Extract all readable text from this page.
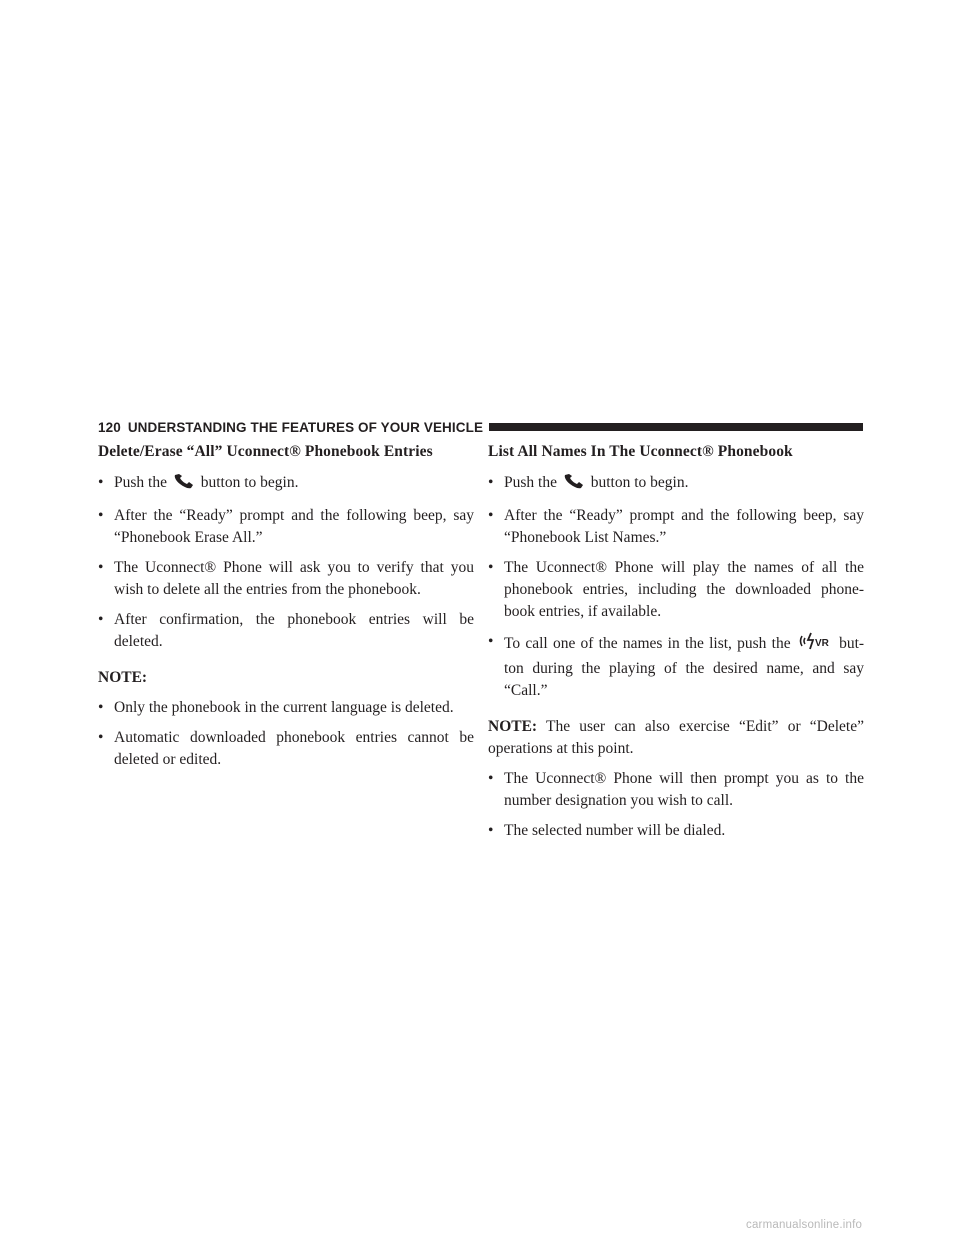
120 UNDERSTANDING THE FEATURES OF YOUR VEHICLE
Delete/Erase “All” Uconnect® Phonebook Entries
• Push the button to begin.
• After the “Ready” prompt and the following beep, say “Phonebook Erase All.”
• The Uconnect® Phone will ask you to verify that you wish to delete all the entries from the phonebook.
• After confirmation, the phonebook entries will be deleted.
NOTE:
• Only the phonebook in the current language is deleted.
• Automatic downloaded phonebook entries cannot be deleted or edited.
List All Names In The Uconnect® Phonebook
• Push the button to begin.
• After the “Ready” prompt and the following beep, say “Phonebook List Names.”
• The Uconnect® Phone will play the names of all the phonebook entries, including the downloaded phone-book entries, if available.
• To call one of the names in the list, push the VR but-ton during the playing of the desired name, and say “Call.”
NOTE: The user can also exercise “Edit” or “Delete” operations at this point.
• The Uconnect® Phone will then prompt you as to the number designation you wish to call.
• The selected number will be dialed.
carmanualsonline.info
